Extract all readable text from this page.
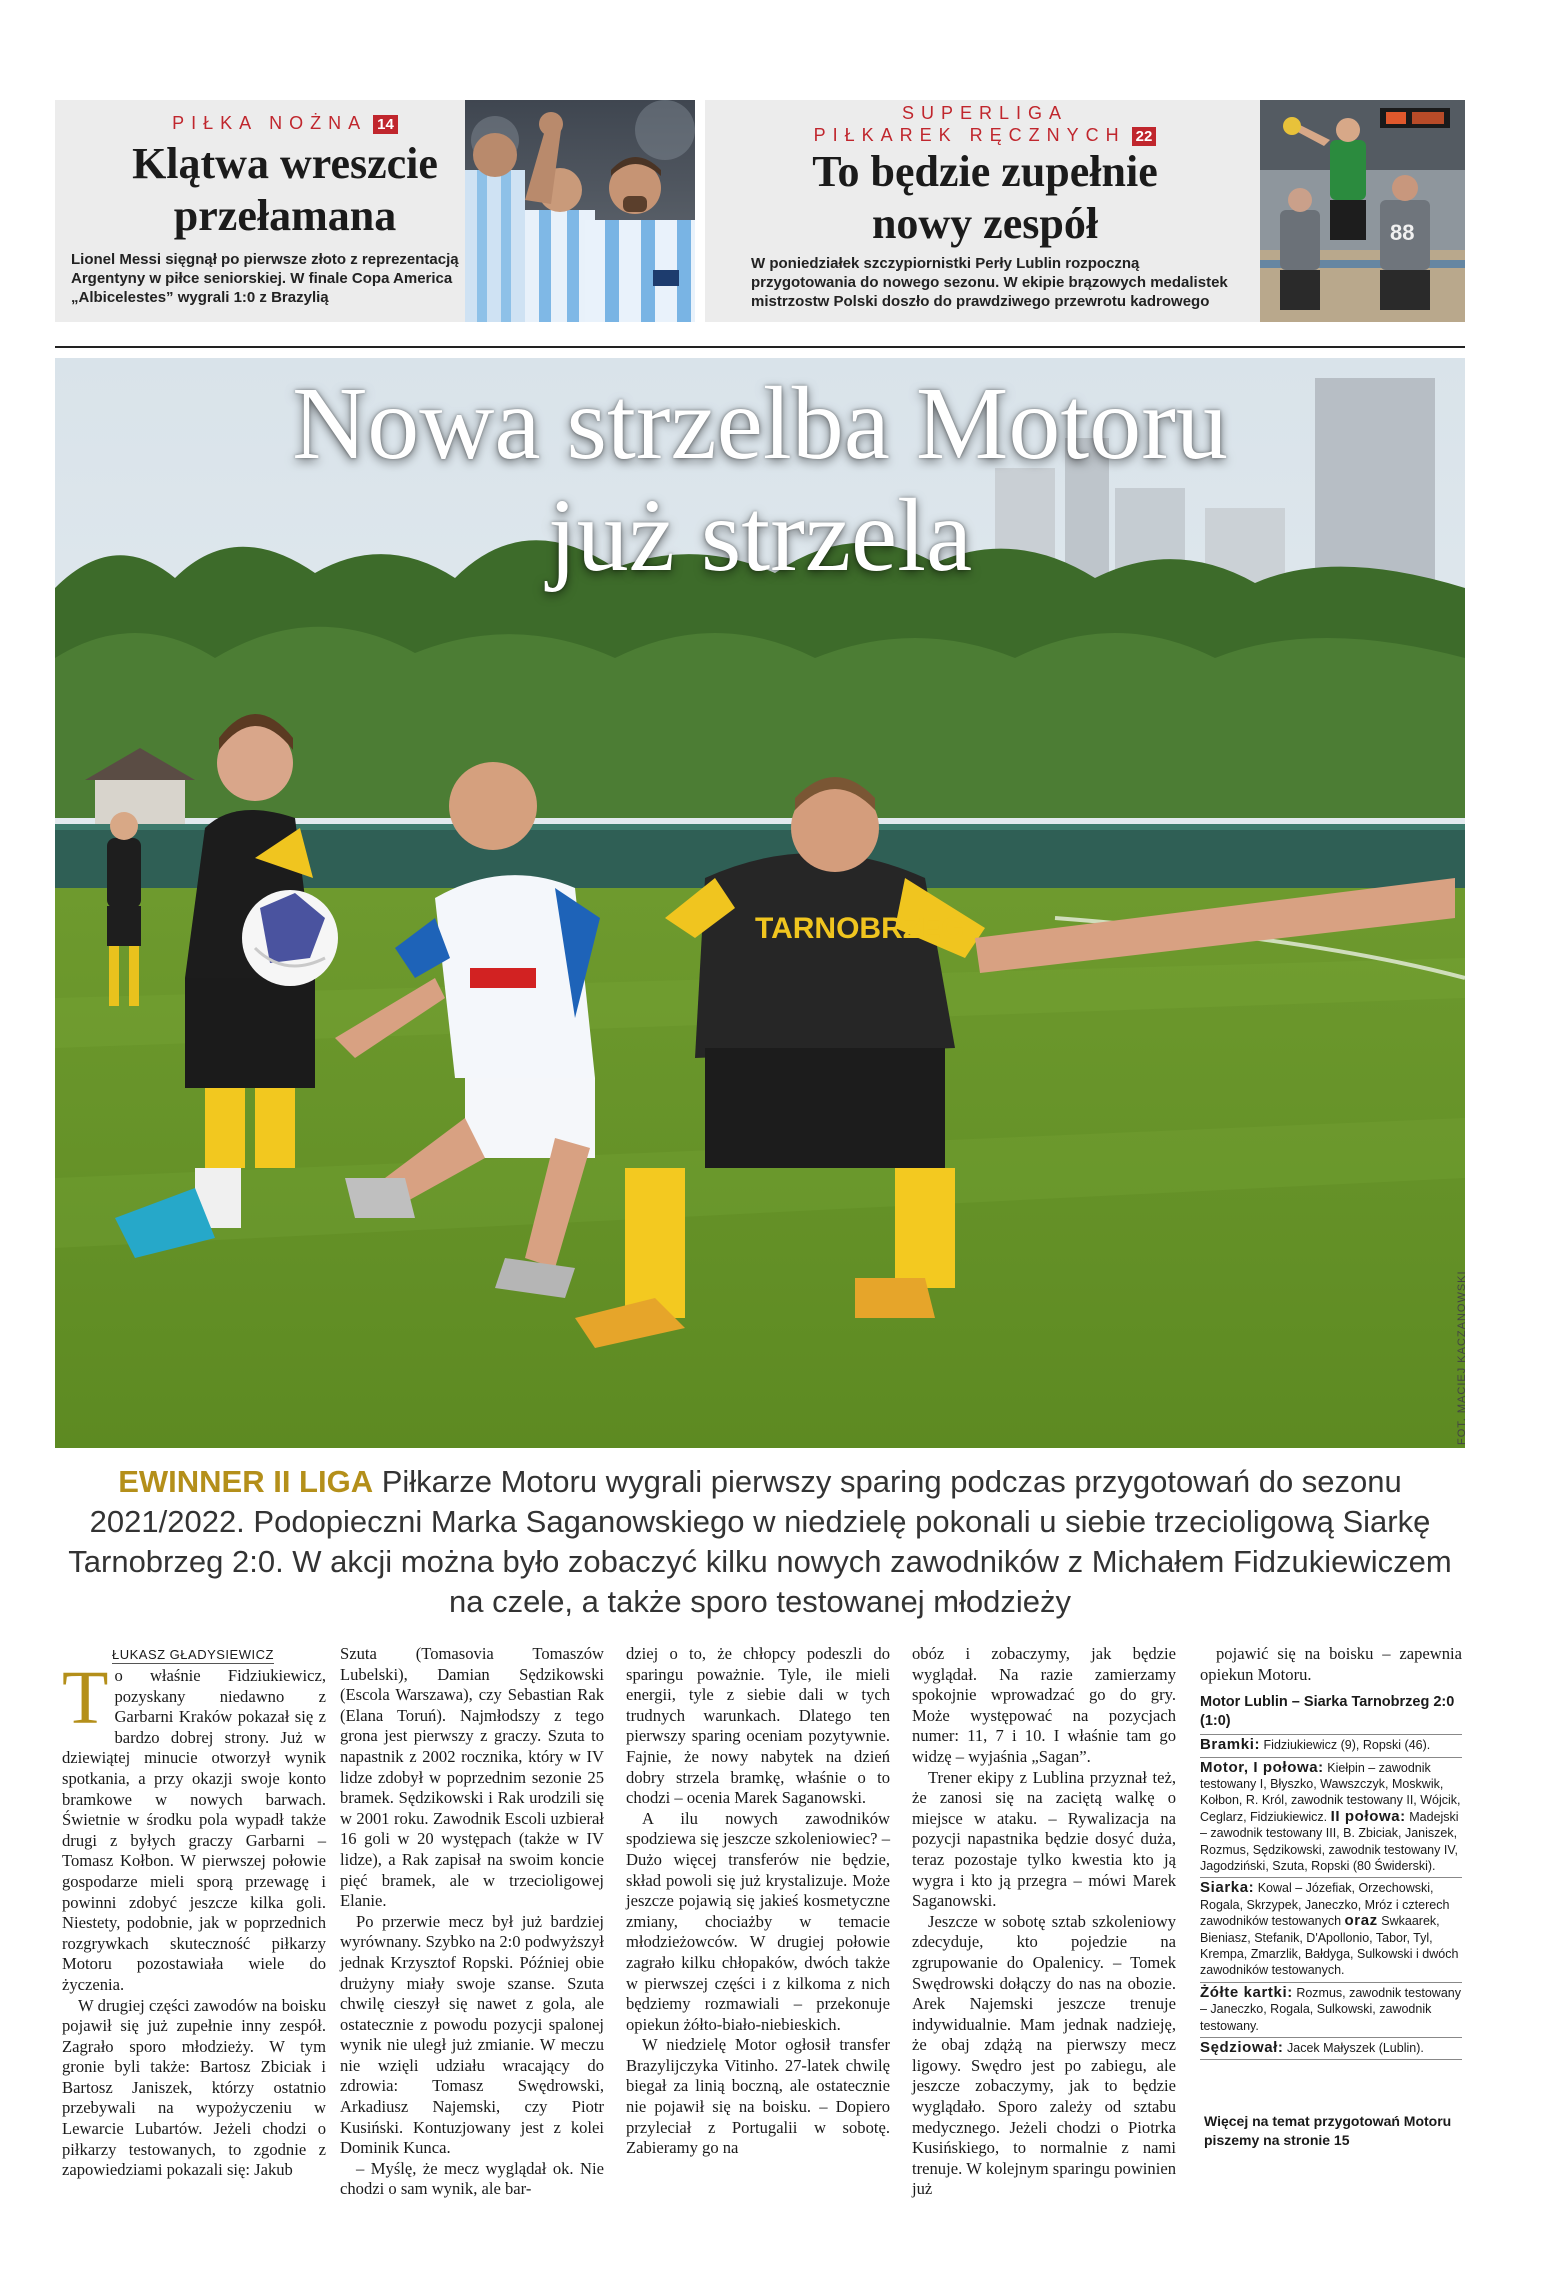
PIŁKA NOŻNA 14
Klątwa wreszcie
przełamana
Lionel Messi sięgnął po pierwsze złoto z reprezentacją Argentyny w piłce seniorskiej. W finale Copa America „Albicelestes” wygrali 1:0 z Brazylią
SUPERLIGA
PIŁKAREK RĘCZNYCH 22
To będzie zupełnie
nowy zespół
W poniedziałek szczypiornistki Perły Lublin rozpoczną przygotowania do nowego sezonu. W ekipie brązowych medalistek mistrzostw Polski doszło do prawdziwego przewrotu kadrowego
88
TARNOBRZEG
Nowa strzelba Motoru
już strzela
FOT. MACIEJ KACZANOWSKI
EWINNER II LIGA Piłkarze Motoru wygrali pierwszy sparing podczas przygotowań do sezonu 2021/2022. Podopieczni Marka Saganowskiego w niedzielę pokonali u siebie trzecioligową Siarkę Tarnobrzeg 2:0. W akcji można było zobaczyć kilku nowych zawodników z Michałem Fidzukiewiczem na czele, a także sporo testowanej młodzieży
ŁUKASZ GŁADYSIEWICZ

To właśnie Fidziukiewicz, pozyskany niedawno z Garbarni Kraków pokazał się z bardzo dobrej strony. Już w dziewiątej minucie otworzył wynik spotkania, a przy okazji swoje konto bramkowe w nowych barwach. Świetnie w środku pola wypadł także drugi z byłych graczy Garbarni – Tomasz Kołbon. W pierwszej połowie gospodarze mieli sporą przewagę i powinni zdobyć jeszcze kilka goli. Niestety, podobnie, jak w poprzednich rozgrywkach skuteczność piłkarzy Motoru pozostawiała wiele do życzenia.

W drugiej części zawodów na boisku pojawił się już zupełnie inny zespół. Zagrało sporo młodzieży. W tym gronie byli także: Bartosz Zbiciak i Bartosz Janiszek, którzy ostatnio przebywali na wypożyczeniu w Lewarcie Lubartów. Jeżeli chodzi o piłkarzy testowanych, to zgodnie z zapowiedziami pokazali się: Jakub

Szuta (Tomasovia Tomaszów Lubelski), Damian Sędzikowski (Escola Warszawa), czy Sebastian Rak (Elana Toruń). Najmłodszy z tego grona jest pierwszy z graczy. Szuta to napastnik z 2002 rocznika, który w IV lidze zdobył w poprzednim sezonie 25 bramek. Sędzikowski i Rak urodzili się w 2001 roku. Zawodnik Escoli uzbierał 16 goli w 20 występach (także w IV lidze), a Rak zapisał na swoim koncie pięć bramek, ale w trzecioligowej Elanie.

Po przerwie mecz był już bardziej wyrównany. Szybko na 2:0 podwyższył jednak Krzysztof Ropski. Później obie drużyny miały swoje szanse. Szuta chwilę cieszył się nawet z gola, ale ostatecznie z powodu pozycji spalonej wynik nie uległ już zmianie. W meczu nie wzięli udziału wracający do zdrowia: Tomasz Swędrowski, Arkadiusz Najemski, czy Piotr Kusiński. Kontuzjowany jest z kolei Dominik Kunca.

– Myślę, że mecz wyglądał ok. Nie chodzi o sam wynik, ale bar-

dziej o to, że chłopcy podeszli do sparingu poważnie. Tyle, ile mieli energii, tyle z siebie dali w tych trudnych warunkach. Dlatego ten pierwszy sparing oceniam pozytywnie. Fajnie, że nowy nabytek na dzień dobry strzela bramkę, właśnie o to chodzi – ocenia Marek Saganowski.

A ilu nowych zawodników spodziewa się jeszcze szkoleniowiec? – Dużo więcej transferów nie będzie, skład powoli się już krystalizuje. Może jeszcze pojawią się jakieś kosmetyczne zmiany, chociażby w temacie młodzieżowców. W drugiej połowie zagrało kilku chłopaków, dwóch także w pierwszej części i z kilkoma z nich będziemy rozmawiali – przekonuje opiekun żółto-biało-niebieskich.

W niedzielę Motor ogłosił transfer Brazylijczyka Vitinho. 27-latek chwilę biegał za linią boczną, ale ostatecznie nie pojawił się na boisku. – Dopiero przyleciał z Portugalii w sobotę. Zabieramy go na

obóz i zobaczymy, jak będzie wyglądał. Na razie zamierzamy spokojnie wprowadzać go do gry. Może występować na pozycjach numer: 11, 7 i 10. I właśnie tam go widzę – wyjaśnia „Sagan”.

Trener ekipy z Lublina przyznał też, że zanosi się na zaciętą walkę o miejsce w ataku. – Rywalizacja na pozycji napastnika będzie dosyć duża, teraz pozostaje tylko kwestia kto ją wygra i kto ją przegra – mówi Marek Saganowski.

Jeszcze w sobotę sztab szkoleniowy zdecyduje, kto pojedzie na zgrupowanie do Opalenicy. – Tomek Swędrowski dołączy do nas na obozie. Arek Najemski jeszcze trenuje indywidualnie. Mam jednak nadzieję, że obaj zdążą na pierwszy mecz ligowy. Swędro jest po zabiegu, ale jeszcze zobaczymy, jak to będzie wyglądało. Sporo zależy od sztabu medycznego. Jeżeli chodzi o Piotrka Kusińskiego, to normalnie z nami trenuje. W kolejnym sparingu powinien już

pojawić się na boisku – zapewnia opiekun Motoru.

Motor Lublin – Siarka Tarnobrzeg 2:0 (1:0)
Bramki: Fidziukiewicz (9), Ropski (46).
Motor, I połowa: Kiełpin – zawodnik testowany I, Błyszko, Wawszczyk, Moskwik, Kołbon, R. Król, zawodnik testowany II, Wójcik, Ceglarz, Fidziukiewicz. II połowa: Madejski – zawodnik testowany III, B. Zbiciak, Janiszek, Rozmus, Sędzikowski, zawodnik testowany IV, Jagodziński, Szuta, Ropski (80 Świderski).
Siarka: Kowal – Józefiak, Orzechowski, Rogala, Skrzypek, Janeczko, Mróz i czterech zawodników testowanych oraz Swkaarek, Bieniasz, Stefanik, D'Apollonio, Tabor, Tyl, Krempa, Zmarzlik, Bałdyga, Sulkowski i dwóch zawodników testowanych.
Żółte kartki: Rozmus, zawodnik testowany – Janeczko, Rogala, Sulkowski, zawodnik testowany.
Sędziował: Jacek Małyszek (Lublin).
Więcej na temat przygotowań Motoru piszemy na stronie 15
